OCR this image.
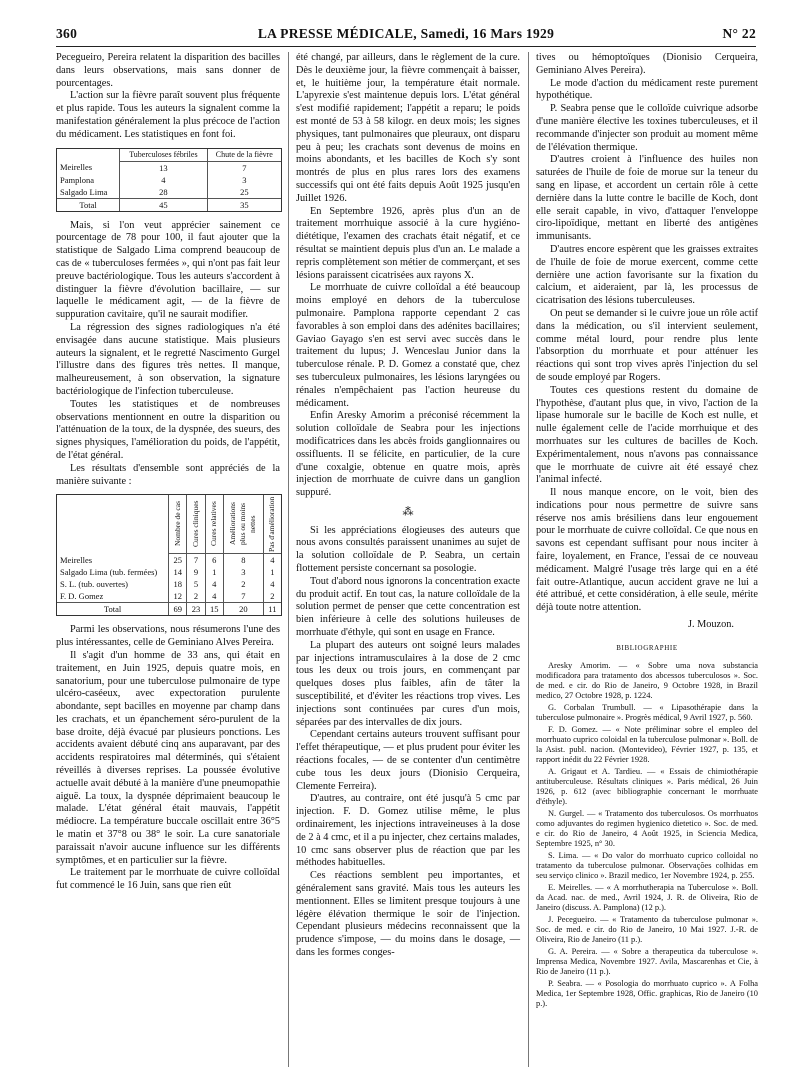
360	LA PRESSE MÉDICALE, Samedi, 16 Mars 1929	N° 22

Pecegueiro, Pereira relatent la disparition des bacilles dans leurs observations, mais sans donner de pourcentages.

L'action sur la fièvre paraît souvent plus fréquente et plus rapide. Tous les auteurs la signalent comme la manifestation généralement la plus précoce de l'action du médicament. Les statistiques en font foi.

	Tuberculoses fébriles	Chute de la fièvre
Meirelles	13	7
Pamplona	4	3
Salgado Lima	28	25
Total	45	35

Mais, si l'on veut apprécier sainement ce pourcentage de 78 pour 100, il faut ajouter que la statistique de Salgado Lima comprend beaucoup de cas de « tuberculoses fermées », qui n'ont pas fait leur preuve bactériologique. Tous les auteurs s'accordent à distinguer la fièvre d'évolution bacillaire, — sur laquelle le médicament agit, — de la fièvre de suppuration cavitaire, qu'il ne saurait modifier.

La régression des signes radiologiques n'a été envisagée dans aucune statistique. Mais plusieurs auteurs la signalent, et le regretté Nascimento Gurgel l'illustre dans des figures très nettes. Il manque, malheureusement, à son observation, la signature bactériologique de l'infection tuberculeuse.

Toutes les statistiques et de nombreuses observations mentionnent en outre la disparition ou l'atténuation de la toux, de la dyspnée, des sueurs, des signes physiques, l'amélioration du poids, de l'appétit, de l'état général.

Les résultats d'ensemble sont appréciés de la manière suivante :

	Nombre de cas	Cures cliniques	Cures relatives	Améliorations plus ou moins nettes	Pas d'amélioration

Meirelles	25	7	6	8	4
Salgado Lima (tub. fermées)	14	9	1	3	1
S. L. (tub. ouvertes)	18	5	4	2	4
F. D. Gomez	12	2	4	7	2
Total	69	23	15	20	11

Parmi les observations, nous résumerons l'une des plus intéressantes, celle de Geminiano Alves Pereira.

Il s'agit d'un homme de 33 ans, qui était en traitement, en Juin 1925, depuis quatre mois, en sanatorium, pour une tuberculose pulmonaire de type ulcéro-caséeux, avec expectoration purulente abondante, sept bacilles en moyenne par champ dans les crachats, et un épanchement séro-purulent de la base droite, déjà évacué par plusieurs ponctions. Les accidents avaient débuté cinq ans auparavant, par des accidents respiratoires mal déterminés, qui s'étaient réveillés à diverses reprises. La poussée évolutive actuelle avait débuté à la manière d'une pneumopathie aiguë. La toux, la dyspnée déprimaient beaucoup le malade. L'état général était mauvais, l'appétit médiocre. La température buccale oscillait entre 36°5 le matin et 37°8 ou 38° le soir. La cure sanatoriale paraissait n'avoir aucune influence sur les différents symptômes, et en particulier sur la fièvre.

Le traitement par le morrhuate de cuivre colloïdal fut commencé le 16 Juin, sans que rien eût

été changé, par ailleurs, dans le règlement de la cure. Dès le deuxième jour, la fièvre commençait à baisser, et, le huitième jour, la température était normale. L'apyrexie s'est maintenue depuis lors. L'état général s'est modifié rapidement; l'appétit a reparu; le poids est monté de 53 à 58 kilogr. en deux mois; les signes physiques, tant pulmonaires que pleuraux, ont disparu peu à peu; les crachats sont devenus de moins en moins abondants, et les bacilles de Koch s'y sont montrés de plus en plus rares lors des examens successifs qui ont été faits depuis Août 1925 jusqu'en Juillet 1926.

En Septembre 1926, après plus d'un an de traitement morrhuique associé à la cure hygiéno-diététique, l'examen des crachats était négatif, et ce résultat se maintient depuis plus d'un an. Le malade a repris complètement son métier de commerçant, et ses lésions paraissent cicatrisées aux rayons X.

Le morrhuate de cuivre colloïdal a été beaucoup moins employé en dehors de la tuberculose pulmonaire. Pamplona rapporte cependant 2 cas favorables à son emploi dans des adénites bacillaires; Gaviao Gayago s'en est servi avec succès dans le traitement du lupus; J. Wenceslau Junior dans la tuberculose rénale. P. D. Gomez a constaté que, chez ses tuberculeux pulmonaires, les lésions laryngées ou rénales n'empêchaient pas l'action heureuse du médicament.

Enfin Aresky Amorim a préconisé récemment la solution colloïdale de Seabra pour les injections modificatrices dans les abcès froids ganglionnaires ou ossifluents. Il se félicite, en particulier, de la cure d'une coxalgie, obtenue en quatre mois, après injection de morrhuate de cuivre dans un ganglion suppuré.

⁂

Si les appréciations élogieuses des auteurs que nous avons consultés paraissent unanimes au sujet de la solution colloïdale de P. Seabra, un certain flottement persiste concernant sa posologie.

Tout d'abord nous ignorons la concentration exacte du produit actif. En tout cas, la nature colloïdale de la solution permet de penser que cette concentration est bien inférieure à celle des solutions huileuses de morrhuate d'éthyle, qui sont en usage en France.

La plupart des auteurs ont soigné leurs malades par injections intramusculaires à la dose de 2 cmc tous les deux ou trois jours, en commençant par quelques doses plus faibles, afin de tâter la susceptibilité, et d'éviter les réactions trop vives. Les injections sont continuées par cures d'un mois, séparées par des intervalles de dix jours.

Cependant certains auteurs trouvent suffisant pour l'effet thérapeutique, — et plus prudent pour éviter les réactions focales, — de se contenter d'un centimètre cube tous les deux jours (Dionisio Cerqueira, Clemente Ferreira).

D'autres, au contraire, ont été jusqu'à 5 cmc par injection. F. D. Gomez utilise même, le plus ordinairement, les injections intraveineuses à la dose de 2 à 4 cmc, et il a pu injecter, chez certains malades, 10 cmc sans observer plus de réaction que par les méthodes habituelles.

Ces réactions semblent peu importantes, et généralement sans gravité. Mais tous les auteurs les mentionnent. Elles se limitent presque toujours à une légère élévation thermique le soir de l'injection. Cependant plusieurs médecins reconnaissent que la prudence s'impose, — du moins dans le dosage, — dans les formes conges-

tives ou hémoptoïques (Dionisio Cerqueira, Geminiano Alves Pereira).

Le mode d'action du médicament reste purement hypothétique.

P. Seabra pense que le colloïde cuivrique adsorbe d'une manière élective les toxines tuberculeuses, et il recommande d'injecter son produit au moment même de l'élévation thermique.

D'autres croient à l'influence des huiles non saturées de l'huile de foie de morue sur la teneur du sang en lipase, et accordent un certain rôle à cette dernière dans la lutte contre le bacille de Koch, dont elle serait capable, in vivo, d'attaquer l'enveloppe ciro-lipoïdique, mettant en liberté des antigènes immunisants.

D'autres encore espèrent que les graisses extraites de l'huile de foie de morue exercent, comme cette dernière une action favorisante sur la fixation du calcium, et aideraient, par là, les processus de cicatrisation des lésions tuberculeuses.

On peut se demander si le cuivre joue un rôle actif dans la médication, ou s'il intervient seulement, comme métal lourd, pour rendre plus lente l'absorption du morrhuate et pour atténuer les réactions qui sont trop vives après l'injection du sel de soude employé par Rogers.

Toutes ces questions restent du domaine de l'hypothèse, d'autant plus que, in vivo, l'action de la lipase humorale sur le bacille de Koch est nulle, et nulle également celle de l'acide morrhuique et des morrhuates sur les cultures de bacilles de Koch. Expérimentalement, nous n'avons pas connaissance que le morrhuate de cuivre ait été essayé chez l'animal infecté.

Il nous manque encore, on le voit, bien des indications pour nous permettre de suivre sans réserve nos amis brésiliens dans leur engouement pour le morrhuate de cuivre colloïdal. Ce que nous en savons est cependant suffisant pour nous inciter à faire, loyalement, en France, l'essai de ce nouveau médicament. Malgré l'usage très large qui en a été fait outre-Atlantique, aucun accident grave ne lui a été attribué, et cette considération, à elle seule, mérite déjà toute notre attention.

J. Mouzon.
BIBLIOGRAPHIE

Aresky Amorim. — « Sobre uma nova substancia modificadora para tratamento dos abcessos tuberculosos ». Soc. de med. e cir. do Rio de Janeiro, 9 Octobre 1928, in Brazil medico, 27 Octobre 1928, p. 1224.

G. Corbalan Trumbull. — « Lipasothérapie dans la tuberculose pulmonaire ». Progrès médical, 9 Avril 1927, p. 560.

F. D. Gomez. — « Note préliminar sobre el empleo del morrhuato cuprico coloidal en la tuberculose pulmonar ». Boll. de la Asist. publ. nacion. (Montevideo), Février 1927, p. 135, et rapport inédit du 22 Février 1928.

A. Grigaut et A. Tardieu. — « Essais de chimiothérapie antituberculeuse. Résultats cliniques ». Paris médical, 26 Juin 1926, p. 612 (avec bibliographie concernant le morrhuate d'éthyle).

N. Gurgel. — « Tratamento dos tuberculosos. Os morrhuatos como adjuvantes do regimen hygienico dietetico ». Soc. de med. e cir. do Rio de Janeiro, 4 Août 1925, in Sciencia Medica, Septembre 1925, n° 30.

S. Lima. — « Do valor do morrhuato cuprico colloidal no tratamento da tuberculose pulmonar. Observações colhidas em seu serviço clinico ». Brazil medico, 1er Novembre 1924, p. 255.

E. Meirelles. — « A morrhutherapia na Tuberculose ». Boll. da Acad. nac. de med., Avril 1924, J. R. de Oliveira, Rio de Janeiro (discuss. A. Pamplona) (12 p.).

J. Pecegueiro. — « Tratamento da tuberculose pulmonar ». Soc. de med. e cir. do Rio de Janeiro, 10 Mai 1927. J.-R. de Oliveira, Rio de Janeiro (11 p.).

G. A. Pereira. — « Sobre a therapeutica da tuberculose ». Imprensa Medica, Novembre 1927. Avila, Mascarenhas et Cie, à Rio de Janeiro (11 p.).

P. Seabra. — « Posologia do morrhuato cuprico ». A Folha Medica, 1er Septembre 1928, Offic. graphicas, Rio de Janeiro (10 p.).
